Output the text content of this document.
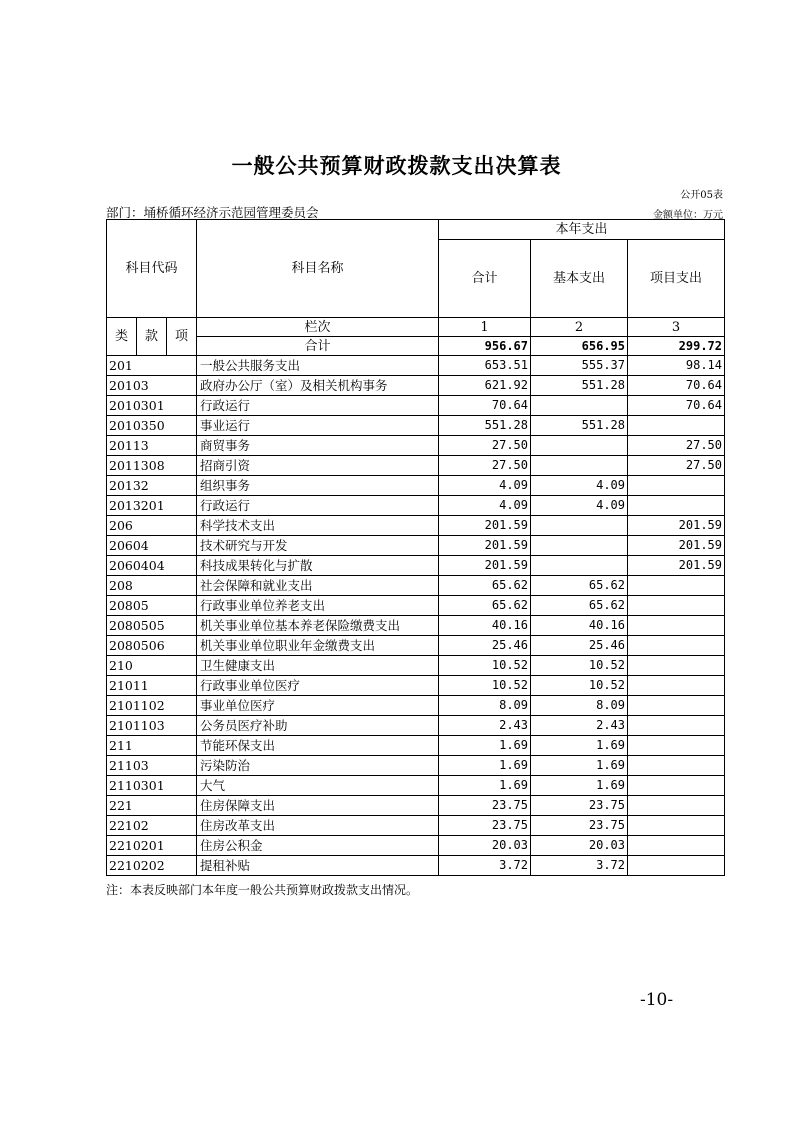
一般公共预算财政拨款支出决算表
公开05表
部门：埇桥循环经济示范园管理委员会	金额单位：万元
科目代码			科目名称	本年支出		
				合计	基本支出	项目支出

类	款	项	栏次	1	2	3
			合计	956.67	656.95	299.72
201			一般公共服务支出	653.51	555.37	98.14
20103			政府办公厅（室）及相关机构事务	621.92	551.28	70.64
2010301			行政运行	70.64		70.64
2010350			事业运行	551.28	551.28	
20113			商贸事务	27.50		27.50
2011308			招商引资	27.50		27.50
20132			组织事务	4.09	4.09	
2013201			行政运行	4.09	4.09	
206			科学技术支出	201.59		201.59
20604			技术研究与开发	201.59		201.59
2060404			科技成果转化与扩散	201.59		201.59
208			社会保障和就业支出	65.62	65.62	
20805			行政事业单位养老支出	65.62	65.62	
2080505			机关事业单位基本养老保险缴费支出	40.16	40.16	
2080506			机关事业单位职业年金缴费支出	25.46	25.46	
210			卫生健康支出	10.52	10.52	
21011			行政事业单位医疗	10.52	10.52	
2101102			事业单位医疗	8.09	8.09	
2101103			公务员医疗补助	2.43	2.43	
211			节能环保支出	1.69	1.69	
21103			污染防治	1.69	1.69	
2110301			大气	1.69	1.69	
221			住房保障支出	23.75	23.75	
22102			住房改革支出	23.75	23.75	
2210201			住房公积金	20.03	20.03	
2210202			提租补贴	3.72	3.72	
注：本表反映部门本年度一般公共预算财政拨款支出情况。
-10-
